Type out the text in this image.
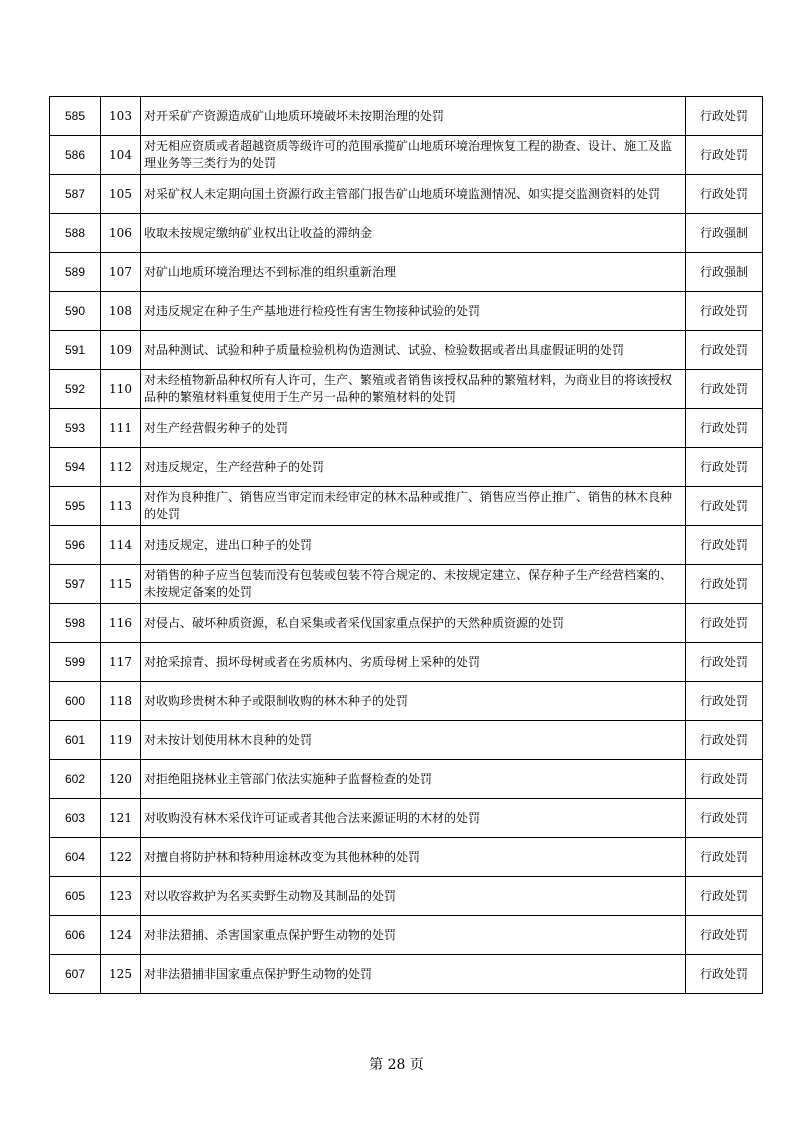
585	103	对开采矿产资源造成矿山地质环境破坏未按期治理的处罚	行政处罚
586	104	对无相应资质或者超越资质等级许可的范围承揽矿山地质环境治理恢复工程的勘查、设计、施工及监理业务等三类行为的处罚	行政处罚
587	105	对采矿权人未定期向国土资源行政主管部门报告矿山地质环境监测情况、如实提交监测资料的处罚	行政处罚
588	106	收取未按规定缴纳矿业权出让收益的滞纳金	行政强制
589	107	对矿山地质环境治理达不到标准的组织重新治理	行政强制
590	108	对违反规定在种子生产基地进行检疫性有害生物接种试验的处罚	行政处罚
591	109	对品种测试、试验和种子质量检验机构伪造测试、试验、检验数据或者出具虚假证明的处罚	行政处罚
592	110	对未经植物新品种权所有人许可，生产、繁殖或者销售该授权品种的繁殖材料，为商业目的将该授权品种的繁殖材料重复使用于生产另一品种的繁殖材料的处罚	行政处罚
593	111	对生产经营假劣种子的处罚	行政处罚
594	112	对违反规定，生产经营种子的处罚	行政处罚
595	113	对作为良种推广、销售应当审定而未经审定的林木品种或推广、销售应当停止推广、销售的林木良种的处罚	行政处罚
596	114	对违反规定，进出口种子的处罚	行政处罚
597	115	对销售的种子应当包装而没有包装或包装不符合规定的、未按规定建立、保存种子生产经营档案的、未按规定备案的处罚	行政处罚
598	116	对侵占、破坏种质资源，私自采集或者采伐国家重点保护的天然种质资源的处罚	行政处罚
599	117	对抢采掠青、损坏母树或者在劣质林内、劣质母树上采种的处罚	行政处罚
600	118	对收购珍贵树木种子或限制收购的林木种子的处罚	行政处罚
601	119	对未按计划使用林木良种的处罚	行政处罚
602	120	对拒绝阻挠林业主管部门依法实施种子监督检查的处罚	行政处罚
603	121	对收购没有林木采伐许可证或者其他合法来源证明的木材的处罚	行政处罚
604	122	对擅自将防护林和特种用途林改变为其他林种的处罚	行政处罚
605	123	对以收容救护为名买卖野生动物及其制品的处罚	行政处罚
606	124	对非法猎捕、杀害国家重点保护野生动物的处罚	行政处罚
607	125	对非法猎捕非国家重点保护野生动物的处罚	行政处罚
第 28 页
